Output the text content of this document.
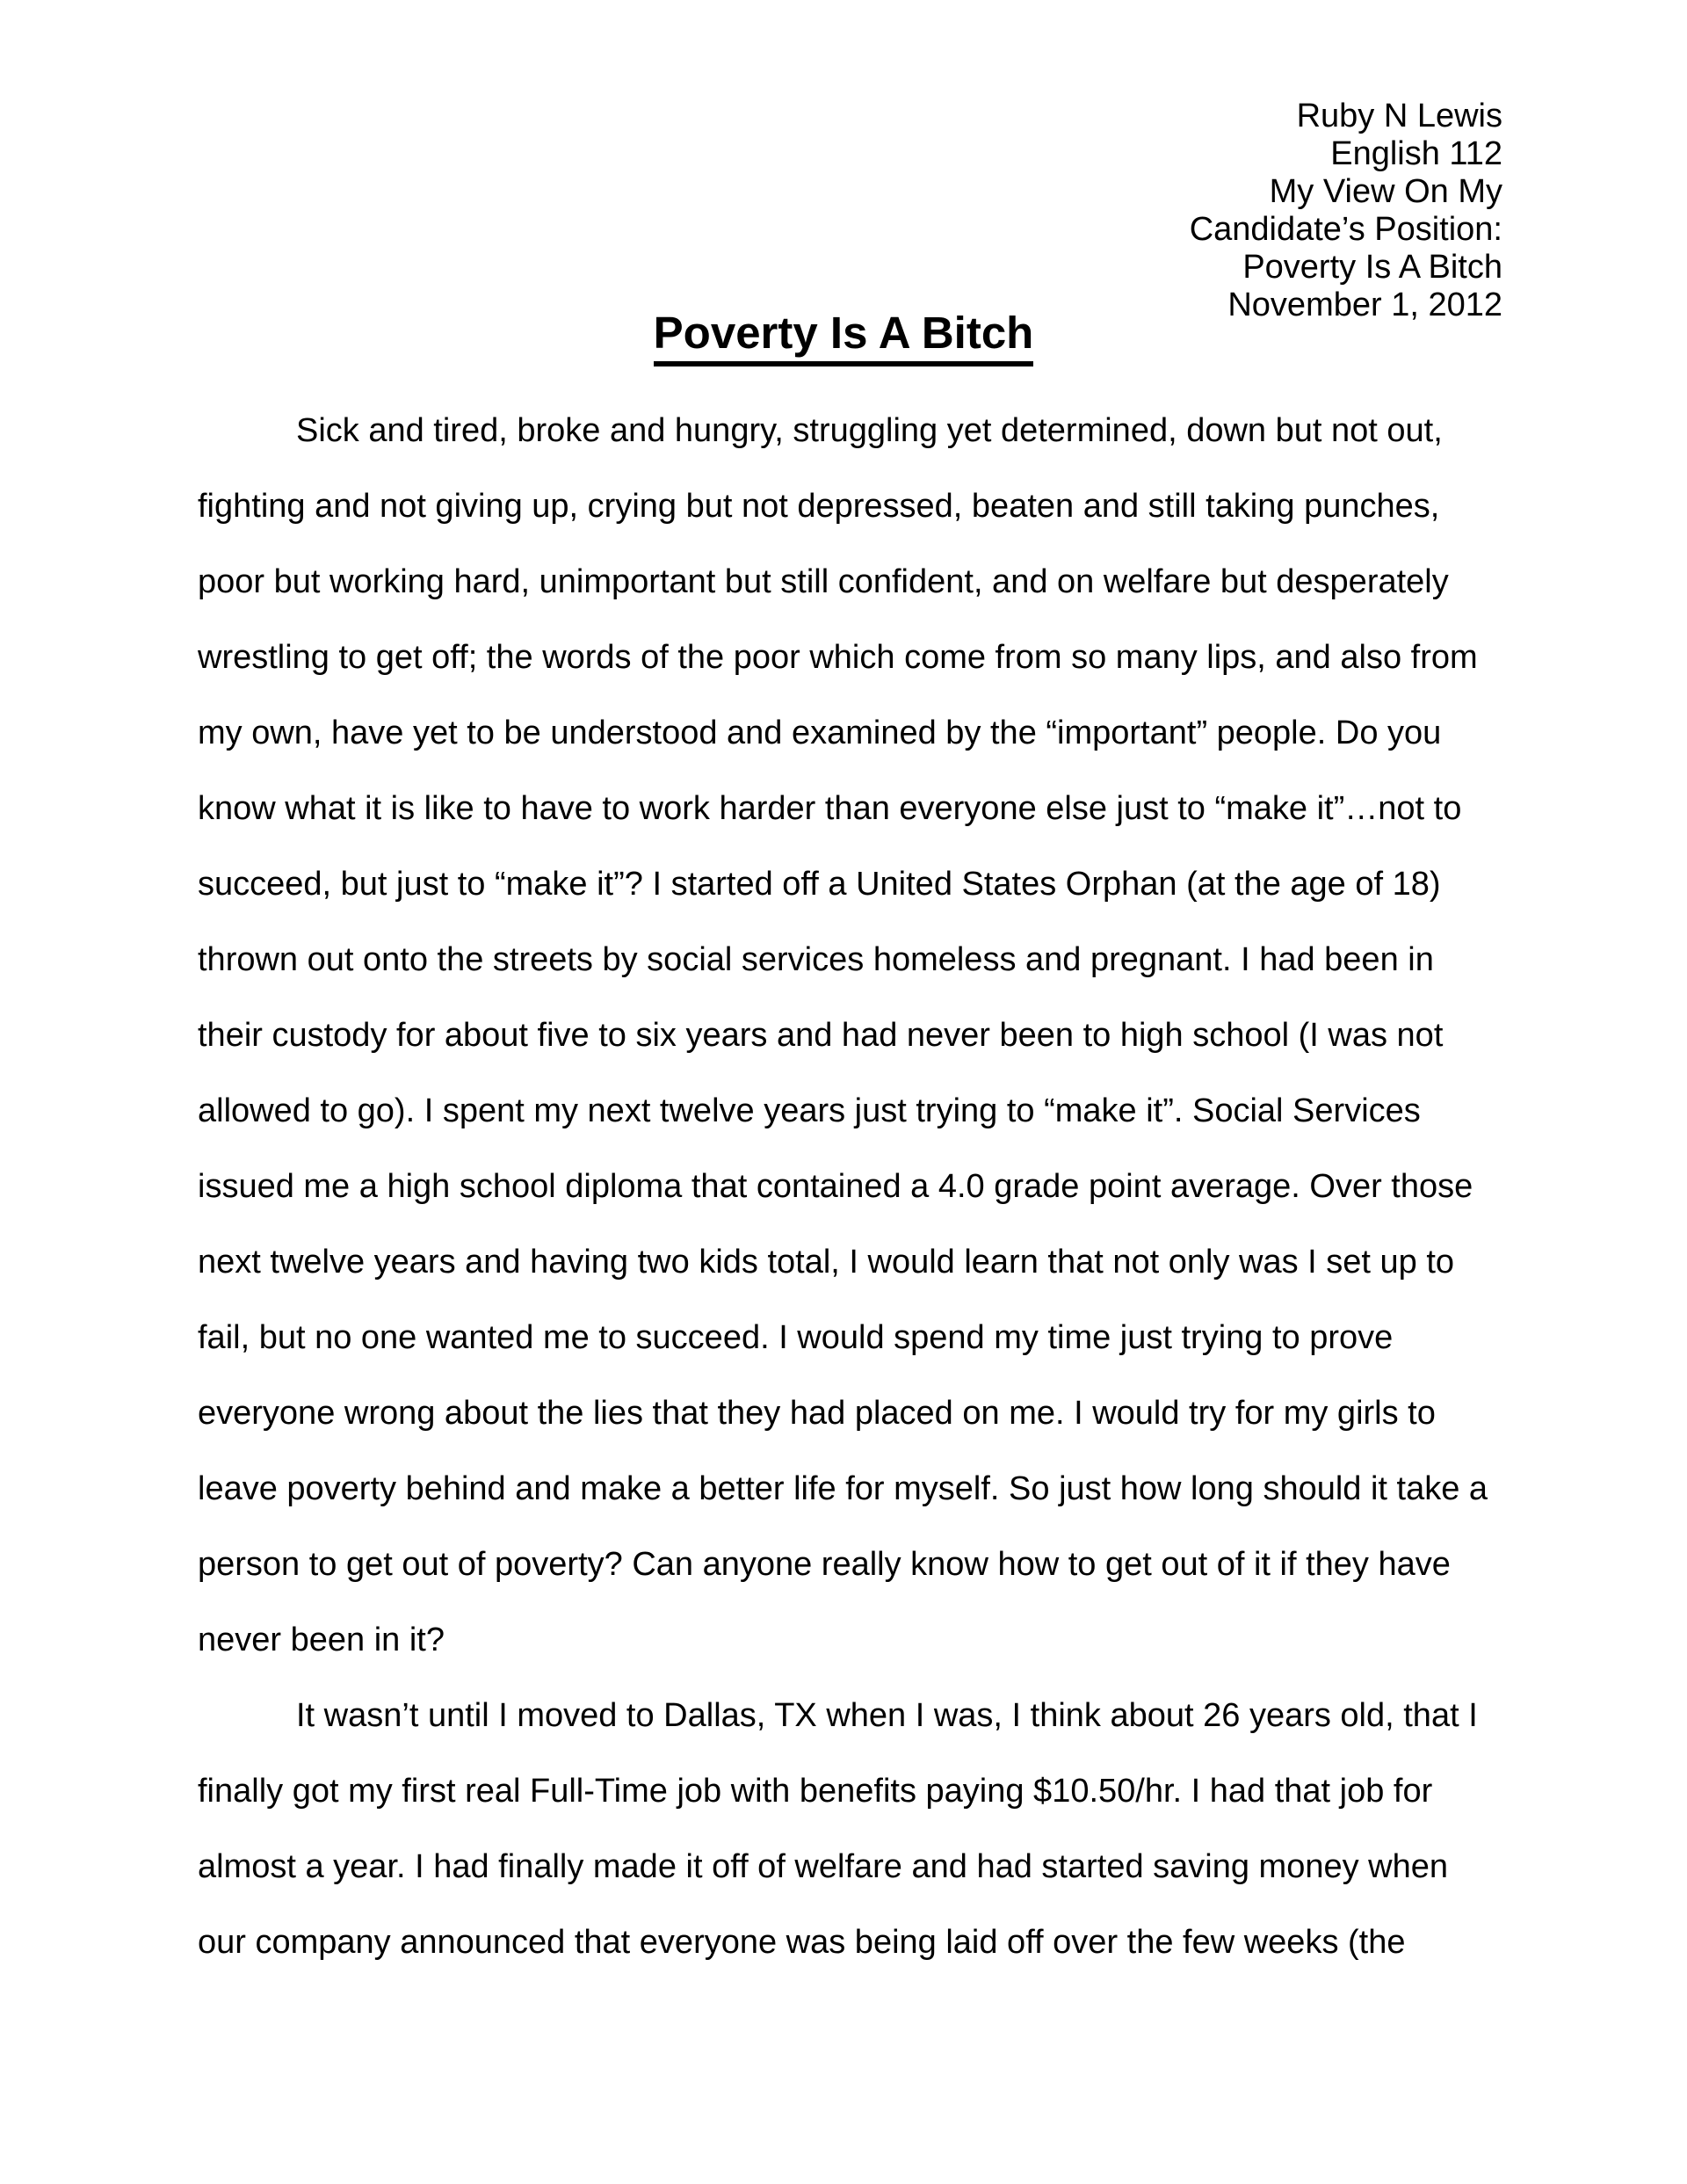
Ruby N Lewis
English 112
My View On My
Candidate’s Position:
Poverty Is A Bitch
November 1, 2012
Poverty Is A Bitch
Sick and tired, broke and hungry, struggling yet determined, down but not out,
fighting and not giving up, crying but not depressed, beaten and still taking punches,
poor but working hard, unimportant but still confident, and on welfare but desperately
wrestling to get off; the words of the poor which come from so many lips, and also from
my own, have yet to be understood and examined by the “important” people. Do you
know what it is like to have to work harder than everyone else just to “make it”…not to
succeed, but just to “make it”? I started off a United States Orphan (at the age of 18)
thrown out onto the streets by social services homeless and pregnant. I had been in
their custody for about five to six years and had never been to high school (I was not
allowed to go). I spent my next twelve years just trying to “make it”. Social Services
issued me a high school diploma that contained a 4.0 grade point average. Over those
next twelve years and having two kids total, I would learn that not only was I set up to
fail, but no one wanted me to succeed. I would spend my time just trying to prove
everyone wrong about the lies that they had placed on me. I would try for my girls to
leave poverty behind and make a better life for myself. So just how long should it take a
person to get out of poverty? Can anyone really know how to get out of it if they have
never been in it?
It wasn’t until I moved to Dallas, TX when I was, I think about 26 years old, that I
finally got my first real Full-Time job with benefits paying $10.50/hr. I had that job for
almost a year. I had finally made it off of welfare and had started saving money when
our company announced that everyone was being laid off over the few weeks (the
